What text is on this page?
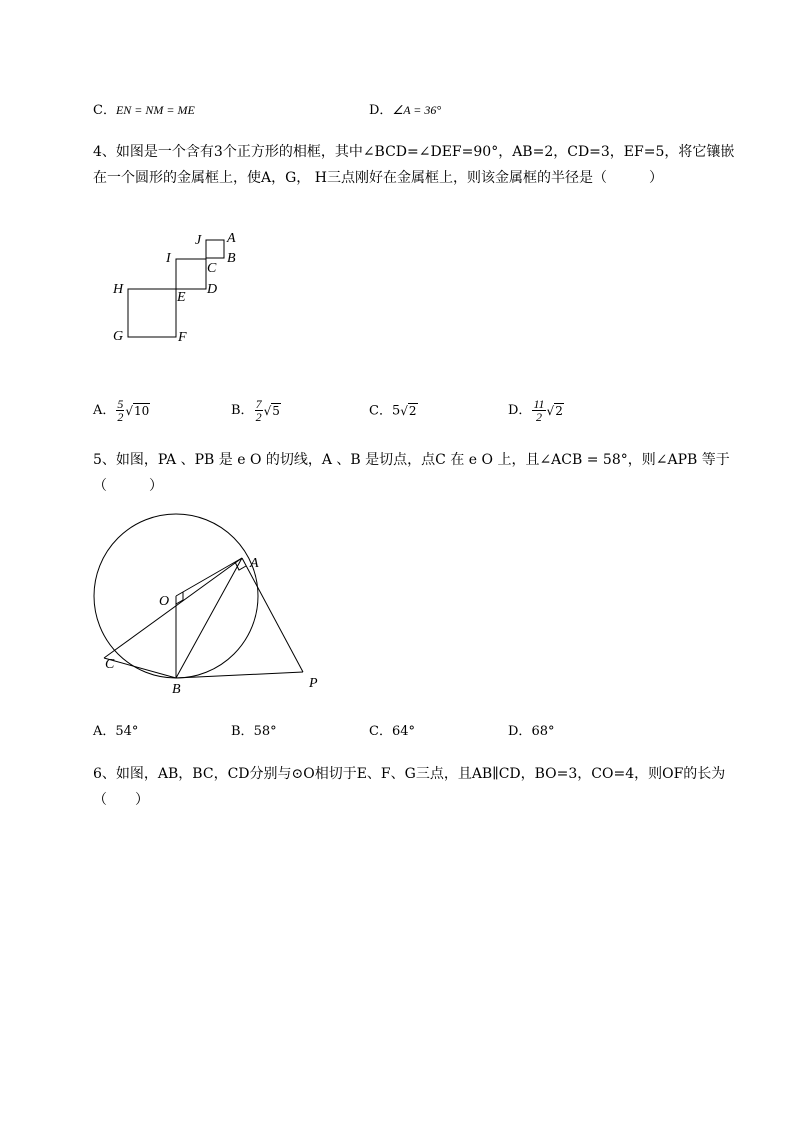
C．EN = NM = ME	D．∠A = 36°
4、如图是一个含有3个正方形的相框，其中∠BCD=∠DEF=90°，AB=2，CD=3，EF=5，将它镶嵌
在一个圆形的金属框上，使A，G， H三点刚好在金属框上，则该金属框的半径是（　　　）
J A
I
C
B
H
E
D
G	F
A． $\frac{5}{2} √10$	B． $\frac{7}{2} √5$	C．5√2	D． $\frac{11}{2} √2$
5、如图，PA 、PB 是 e O 的切线，A 、B 是切点，点C 在 e O 上，且∠ACB = 58°，则∠APB 等于
（　　　）
O
A
C
B	P
A．54°	B．58°	C．64°	D．68°
6、如图，AB，BC，CD分别与⊙O相切于E、F、G三点，且AB∥CD，BO=3，CO=4，则OF的长为
（　　）
